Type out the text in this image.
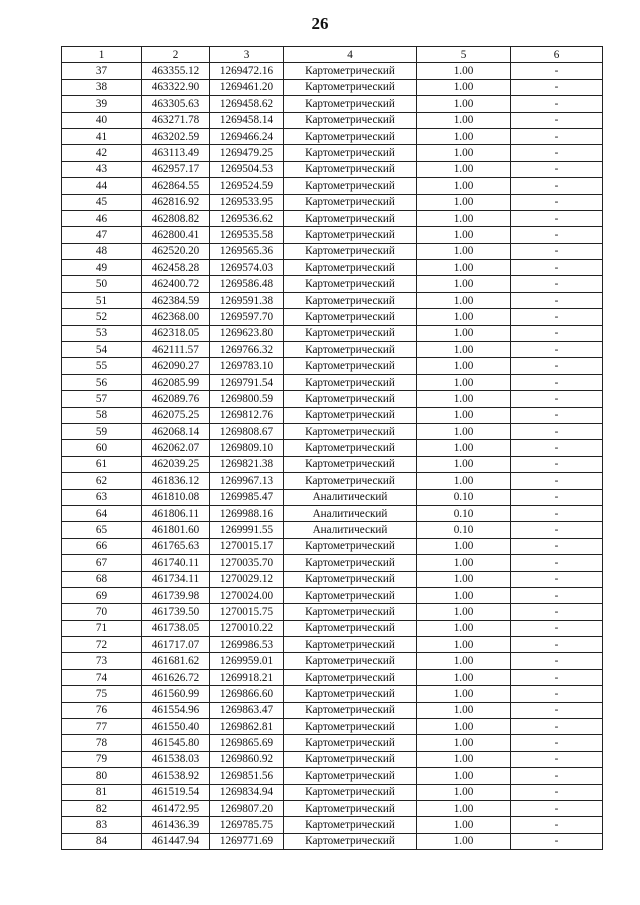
26
1	2	3	4	5	6
37	463355.12	1269472.16	Картометрический	1.00	-
38	463322.90	1269461.20	Картометрический	1.00	-
39	463305.63	1269458.62	Картометрический	1.00	-
40	463271.78	1269458.14	Картометрический	1.00	-
41	463202.59	1269466.24	Картометрический	1.00	-
42	463113.49	1269479.25	Картометрический	1.00	-
43	462957.17	1269504.53	Картометрический	1.00	-
44	462864.55	1269524.59	Картометрический	1.00	-
45	462816.92	1269533.95	Картометрический	1.00	-
46	462808.82	1269536.62	Картометрический	1.00	-
47	462800.41	1269535.58	Картометрический	1.00	-
48	462520.20	1269565.36	Картометрический	1.00	-
49	462458.28	1269574.03	Картометрический	1.00	-
50	462400.72	1269586.48	Картометрический	1.00	-
51	462384.59	1269591.38	Картометрический	1.00	-
52	462368.00	1269597.70	Картометрический	1.00	-
53	462318.05	1269623.80	Картометрический	1.00	-
54	462111.57	1269766.32	Картометрический	1.00	-
55	462090.27	1269783.10	Картометрический	1.00	-
56	462085.99	1269791.54	Картометрический	1.00	-
57	462089.76	1269800.59	Картометрический	1.00	-
58	462075.25	1269812.76	Картометрический	1.00	-
59	462068.14	1269808.67	Картометрический	1.00	-
60	462062.07	1269809.10	Картометрический	1.00	-
61	462039.25	1269821.38	Картометрический	1.00	-
62	461836.12	1269967.13	Картометрический	1.00	-
63	461810.08	1269985.47	Аналитический	0.10	-
64	461806.11	1269988.16	Аналитический	0.10	-
65	461801.60	1269991.55	Аналитический	0.10	-
66	461765.63	1270015.17	Картометрический	1.00	-
67	461740.11	1270035.70	Картометрический	1.00	-
68	461734.11	1270029.12	Картометрический	1.00	-
69	461739.98	1270024.00	Картометрический	1.00	-
70	461739.50	1270015.75	Картометрический	1.00	-
71	461738.05	1270010.22	Картометрический	1.00	-
72	461717.07	1269986.53	Картометрический	1.00	-
73	461681.62	1269959.01	Картометрический	1.00	-
74	461626.72	1269918.21	Картометрический	1.00	-
75	461560.99	1269866.60	Картометрический	1.00	-
76	461554.96	1269863.47	Картометрический	1.00	-
77	461550.40	1269862.81	Картометрический	1.00	-
78	461545.80	1269865.69	Картометрический	1.00	-
79	461538.03	1269860.92	Картометрический	1.00	-
80	461538.92	1269851.56	Картометрический	1.00	-
81	461519.54	1269834.94	Картометрический	1.00	-
82	461472.95	1269807.20	Картометрический	1.00	-
83	461436.39	1269785.75	Картометрический	1.00	-
84	461447.94	1269771.69	Картометрический	1.00	-
